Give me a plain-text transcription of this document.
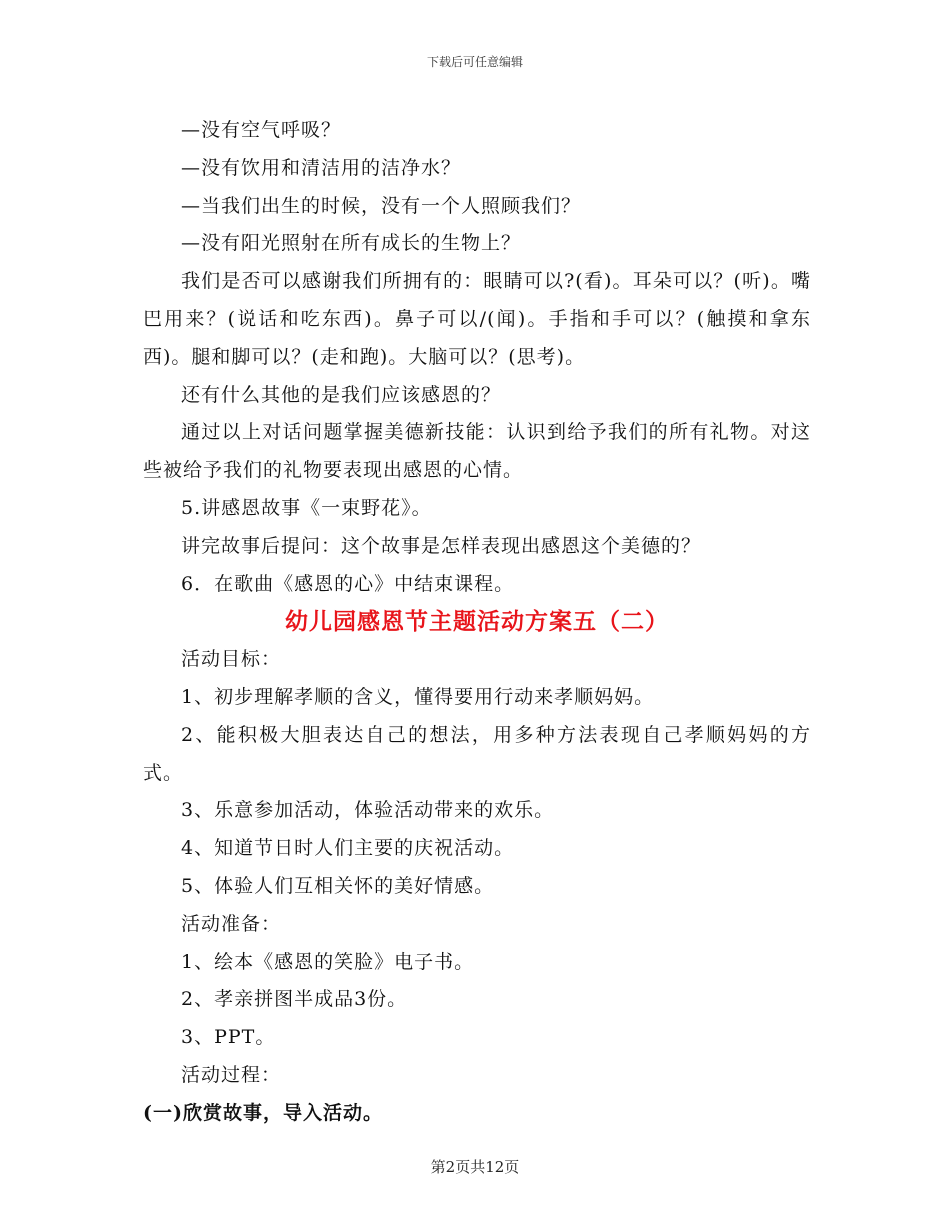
下载后可任意编辑

—没有空气呼吸？

—没有饮用和清洁用的洁净水？

—当我们出生的时候，没有一个人照顾我们？

—没有阳光照射在所有成长的生物上？

我们是否可以感谢我们所拥有的：眼睛可以?(看)。耳朵可以？(听)。嘴巴用来？(说话和吃东西)。鼻子可以/(闻)。手指和手可以？(触摸和拿东西)。腿和脚可以？(走和跑)。大脑可以？(思考)。

还有什么其他的是我们应该感恩的？

通过以上对话问题掌握美德新技能：认识到给予我们的所有礼物。对这些被给予我们的礼物要表现出感恩的心情。

5.讲感恩故事《一束野花》。

讲完故事后提问：这个故事是怎样表现出感恩这个美德的？

6．在歌曲《感恩的心》中结束课程。

幼儿园感恩节主题活动方案五（二）

活动目标：

1、初步理解孝顺的含义，懂得要用行动来孝顺妈妈。

2、能积极大胆表达自己的想法，用多种方法表现自己孝顺妈妈的方式。

3、乐意参加活动，体验活动带来的欢乐。

4、知道节日时人们主要的庆祝活动。

5、体验人们互相关怀的美好情感。

活动准备：

1、绘本《感恩的笑脸》电子书。

2、孝亲拼图半成品3份。

3、PPT。

活动过程：

(一)欣赏故事，导入活动。

第2页共12页
